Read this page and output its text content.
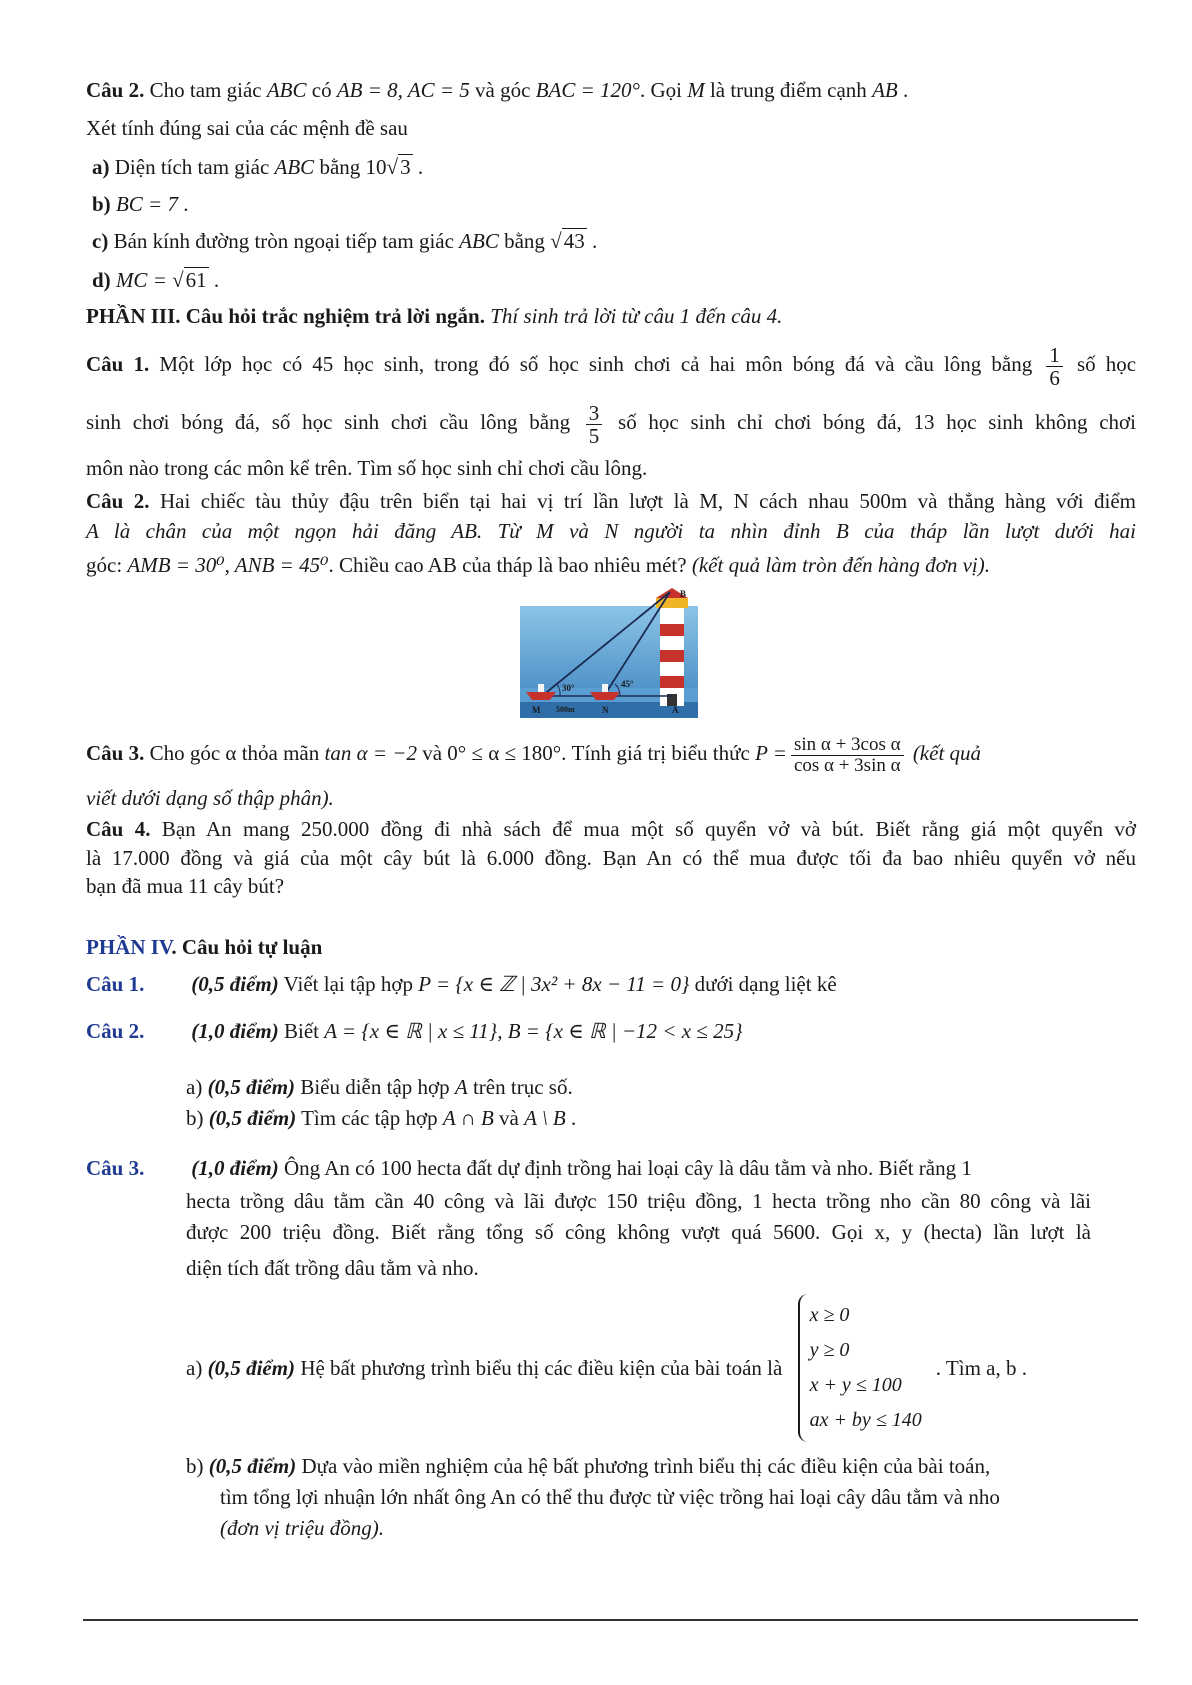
Câu 2. Cho tam giác ABC có AB = 8, AC = 5 và góc BAC = 120°. Gọi M là trung điểm cạnh AB .
Xét tính đúng sai của các mệnh đề sau
a) Diện tích tam giác ABC bằng 10√3 .
b) BC = 7 .
c) Bán kính đường tròn ngoại tiếp tam giác ABC bằng √43 .
d) MC = √61 .
PHẦN III. Câu hỏi trắc nghiệm trả lời ngắn. Thí sinh trả lời từ câu 1 đến câu 4.
Câu 1. Một lớp học có 45 học sinh, trong đó số học sinh chơi cả hai môn bóng đá và cầu lông bằng $\frac{1}{6}$ số học
sinh chơi bóng đá, số học sinh chơi cầu lông bằng $\frac{3}{5}$ số học sinh chỉ chơi bóng đá, 13 học sinh không chơi
môn nào trong các môn kể trên. Tìm số học sinh chỉ chơi cầu lông.
Câu 2. Hai chiếc tàu thủy đậu trên biển tại hai vị trí lần lượt là M, N cách nhau 500m và thẳng hàng với điểm
A là chân của một ngọn hải đăng AB. Từ M và N người ta nhìn đỉnh B của tháp lần lượt dưới hai
góc: AMB = 30⁰, ANB = 45⁰. Chiều cao AB của tháp là bao nhiêu mét? (kết quả làm tròn đến hàng đơn vị).
B
30°	45°
M 500m	N	A
Câu 3. Cho góc α thỏa mãn tan α = −2 và 0° ≤ α ≤ 180°. Tính giá trị biểu thức $P = \frac{\text{sin α + 3cos α}}{\text{cos α + 3sin α}}$ (kết quả
viết dưới dạng số thập phân).
Câu 4. Bạn An mang 250.000 đồng đi nhà sách để mua một số quyển vở và bút. Biết rằng giá một quyển vở
là 17.000 đồng và giá của một cây bút là 6.000 đồng. Bạn An có thể mua được tối đa bao nhiêu quyển vở nếu
bạn đã mua 11 cây bút?
PHẦN IV. Câu hỏi tự luận
Câu 1. (0,5 điểm) Viết lại tập hợp P = {x ∈ ℤ | 3x² + 8x − 11 = 0} dưới dạng liệt kê
Câu 2. (1,0 điểm) Biết A = {x ∈ ℝ | x ≤ 11}, B = {x ∈ ℝ | −12 < x ≤ 25}
a) (0,5 điểm) Biểu diễn tập hợp A trên trục số.
b) (0,5 điểm) Tìm các tập hợp A ∩ B và A \ B .
Câu 3. (1,0 điểm) Ông An có 100 hecta đất dự định trồng hai loại cây là dâu tằm và nho. Biết rằng 1
hecta trồng dâu tằm cần 40 công và lãi được 150 triệu đồng, 1 hecta trồng nho cần 80 công và lãi
được 200 triệu đồng. Biết rằng tổng số công không vượt quá 5600. Gọi x, y (hecta) lần lượt là
diện tích đất trồng dâu tằm và nho.
a)
(0,5 điểm)
Hệ bất phương trình biểu thị các điều kiện của bài toán là

x ≥ 0
y ≥ 0
x + y ≤ 100
ax + by ≤ 140
. Tìm a, b .
b) (0,5 điểm) Dựa vào miền nghiệm của hệ bất phương trình biểu thị các điều kiện của bài toán,
tìm tổng lợi nhuận lớn nhất ông An có thể thu được từ việc trồng hai loại cây dâu tằm và nho
(đơn vị triệu đồng).
